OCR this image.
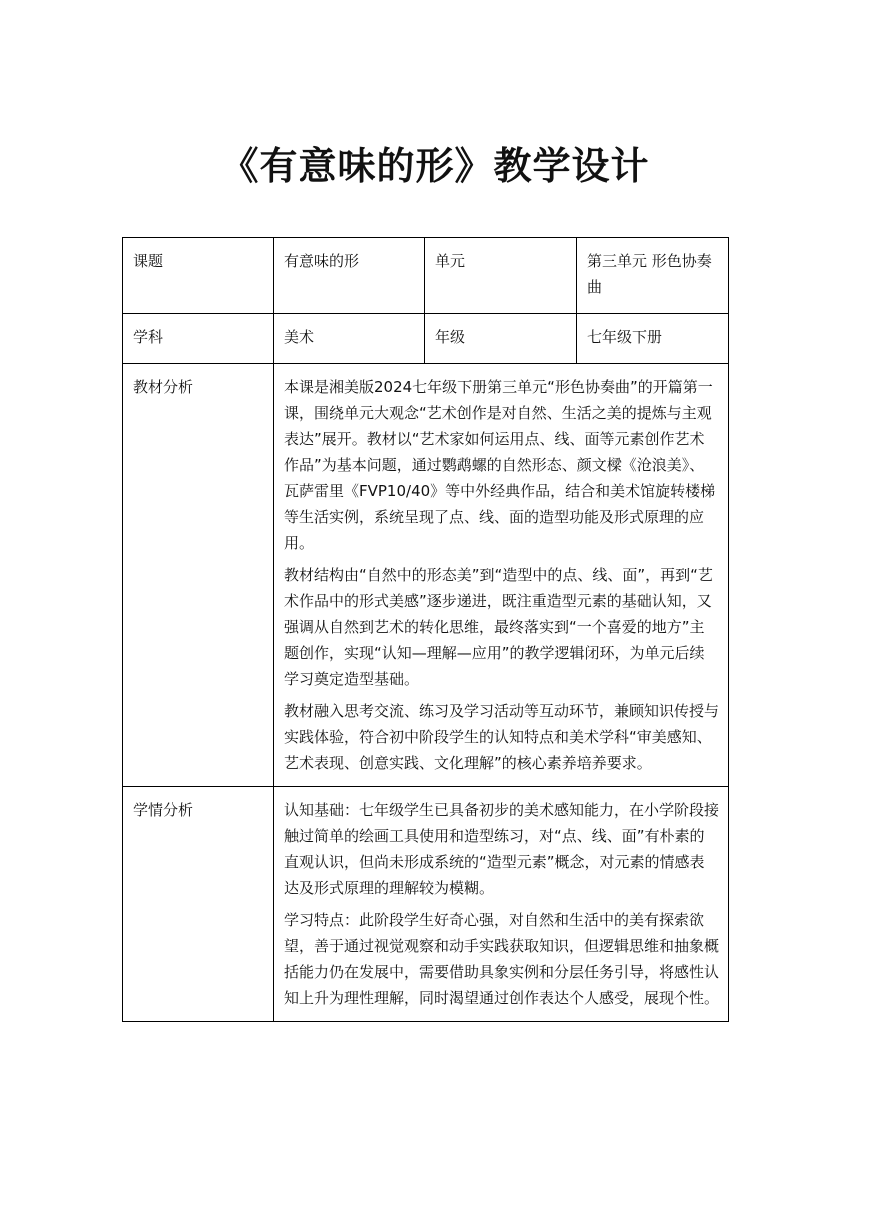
《有意味的形》教学设计
课题	有意味的形	单元	第三单元 形色协奏曲
学科	美术	年级	七年级下册
教材分析	本课是湘美版2024七年级下册第三单元“形色协奏曲”的开篇第一课，围绕单元大观念“艺术创作是对自然、生活之美的提炼与主观表达”展开。教材以“艺术家如何运用点、线、面等元素创作艺术作品”为基本问题，通过鹦鹉螺的自然形态、颜文樑《沧浪美》、瓦萨雷里《FVP10/40》等中外经典作品，结合和美术馆旋转楼梯等生活实例，系统呈现了点、线、面的造型功能及形式原理的应用。

教材结构由“自然中的形态美”到“造型中的点、线、面”，再到“艺术作品中的形式美感”逐步递进，既注重造型元素的基础认知，又强调从自然到艺术的转化思维，最终落实到“一个喜爱的地方”主题创作，实现“认知—理解—应用”的教学逻辑闭环，为单元后续学习奠定造型基础。

教材融入思考交流、练习及学习活动等互动环节，兼顾知识传授与实践体验，符合初中阶段学生的认知特点和美术学科“审美感知、艺术表现、创意实践、文化理解”的核心素养培养要求。		

学情分析	认知基础：七年级学生已具备初步的美术感知能力，在小学阶段接触过简单的绘画工具使用和造型练习，对“点、线、面”有朴素的直观认识，但尚未形成系统的“造型元素”概念，对元素的情感表达及形式原理的理解较为模糊。

学习特点：此阶段学生好奇心强，对自然和生活中的美有探索欲望，善于通过视觉观察和动手实践获取知识，但逻辑思维和抽象概括能力仍在发展中，需要借助具象实例和分层任务引导，将感性认知上升为理性理解，同时渴望通过创作表达个人感受，展现个性。		
